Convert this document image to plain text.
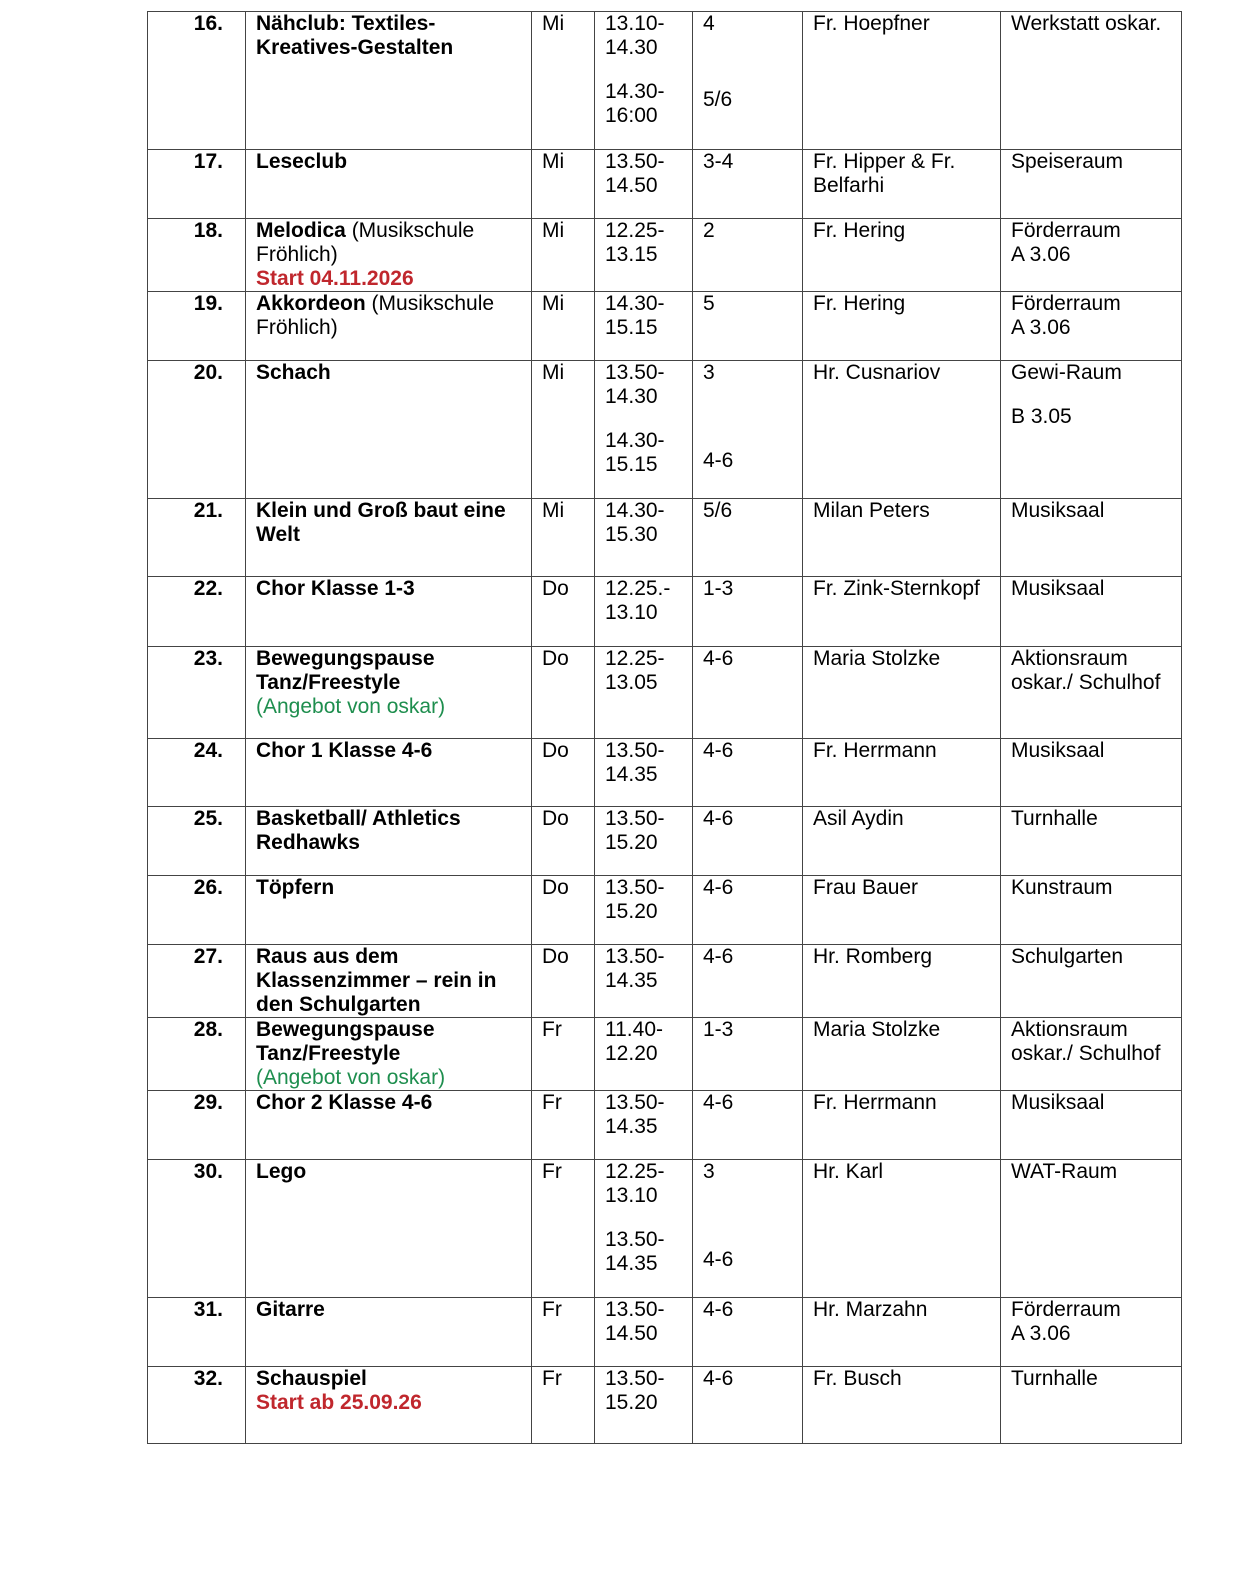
16.	Nähclub: Textiles-Kreatives-Gestalten	Mi	13.10-
14.30
14.30-
16:00	4
5/6	Fr. Hoepfner	Werkstatt oskar.

17.	Leseclub	Mi	13.50-
14.50	3-4	Fr. Hipper & Fr. Belfarhi	Speiseraum

18.	Melodica (Musikschule Fröhlich)
Start 04.11.2026	Mi	12.25-
13.15	2	Fr. Hering	Förderraum
A 3.06

19.	Akkordeon (Musikschule Fröhlich)	Mi	14.30-
15.15	5	Fr. Hering	Förderraum
A 3.06

20.	Schach	Mi	13.50-
14.30
14.30-
15.15	3
4-6	Hr. Cusnariov	Gewi-Raum
B 3.05

21.	Klein und Groß baut eine Welt	Mi	14.30-
15.30	5/6	Milan Peters	Musiksaal

22.	Chor Klasse 1-3	Do	12.25.-
13.10	1-3	Fr. Zink-Sternkopf	Musiksaal

23.	Bewegungspause Tanz/Freestyle
(Angebot von oskar)	Do	12.25-
13.05	4-6	Maria Stolzke	Aktionsraum oskar./ Schulhof

24.	Chor 1 Klasse 4-6	Do	13.50-
14.35	4-6	Fr. Herrmann	Musiksaal

25.	Basketball/ Athletics Redhawks	Do	13.50-
15.20	4-6	Asil Aydin	Turnhalle

26.	Töpfern	Do	13.50-
15.20	4-6	Frau Bauer	Kunstraum

27.	Raus aus dem Klassenzimmer – rein in den Schulgarten	Do	13.50-
14.35	4-6	Hr. Romberg	Schulgarten

28.	Bewegungspause Tanz/Freestyle
(Angebot von oskar)	Fr	11.40-
12.20	1-3	Maria Stolzke	Aktionsraum oskar./ Schulhof

29.	Chor 2 Klasse 4-6	Fr	13.50-
14.35	4-6	Fr. Herrmann	Musiksaal

30.	Lego	Fr	12.25-
13.10
13.50-
14.35	3
4-6	Hr. Karl	WAT-Raum

31.	Gitarre	Fr	13.50-
14.50	4-6	Hr. Marzahn	Förderraum
A 3.06

32.	Schauspiel
Start ab 25.09.26	Fr	13.50-
15.20	4-6	Fr. Busch	Turnhalle
